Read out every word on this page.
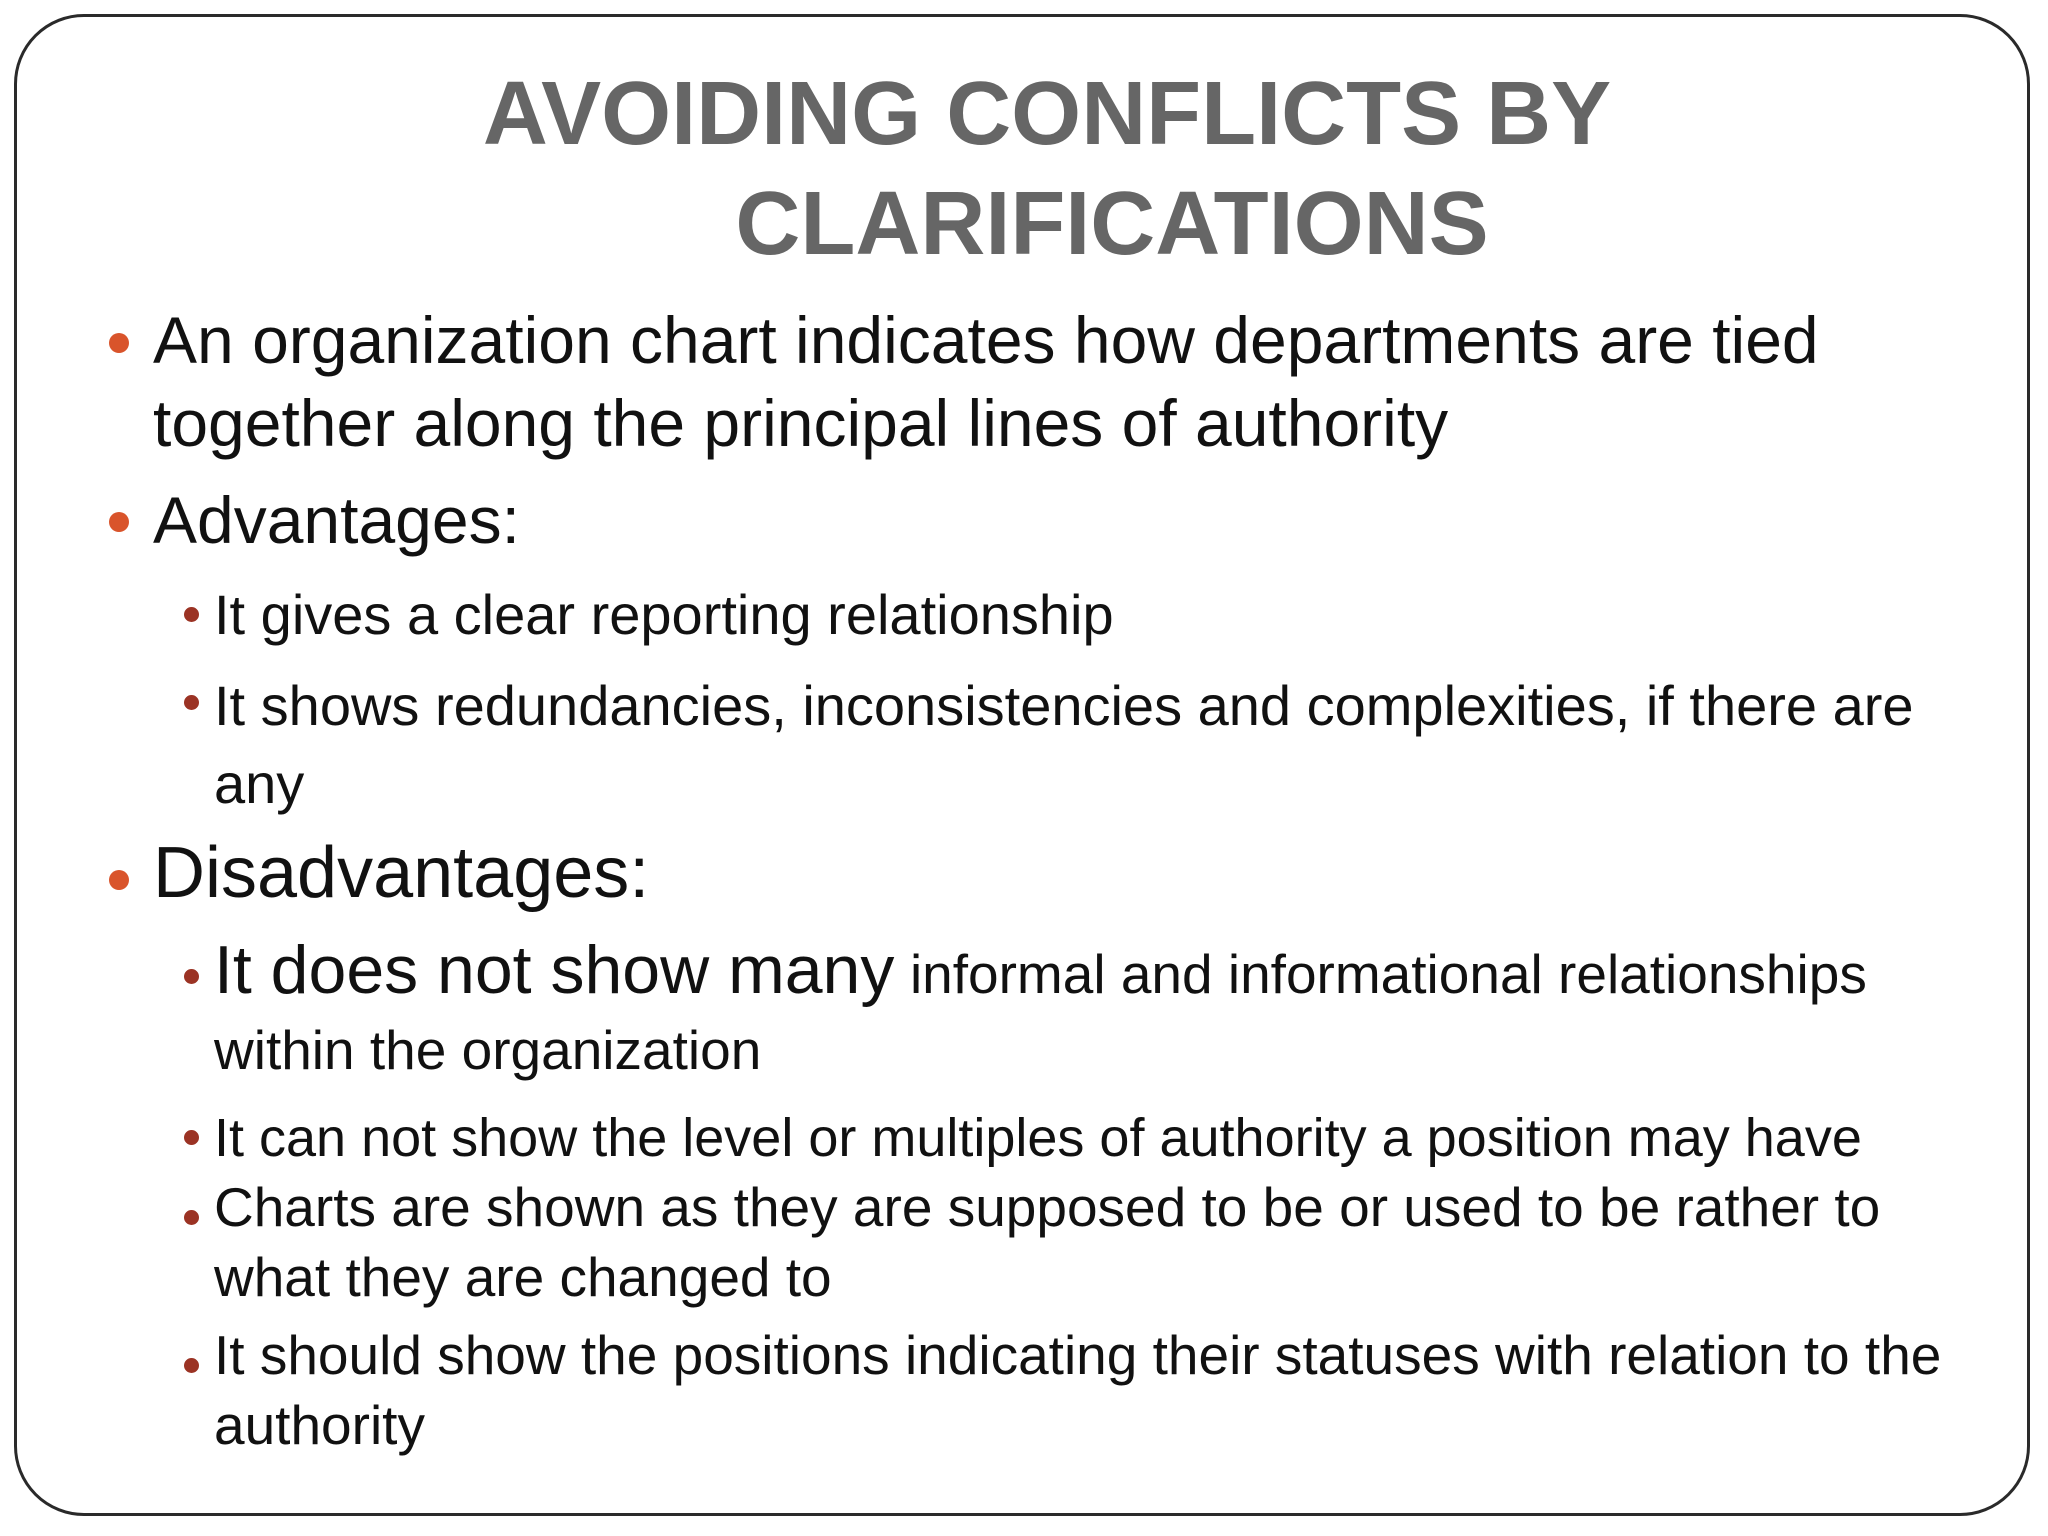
AVOIDING CONFLICTS BY
CLARIFICATIONS

An organization chart indicates how departments are tied together along the principal lines of authority

Advantages:

It gives a clear reporting relationship

It shows redundancies, inconsistencies and complexities, if there are any

Disadvantages:

It does not show many informal and informational relationships within the organization

It can not show the level or multiples of authority a position may have

Charts are shown as they are supposed to be or used to be rather to what they are changed to

It should show the positions indicating their statuses with relation to the authority
